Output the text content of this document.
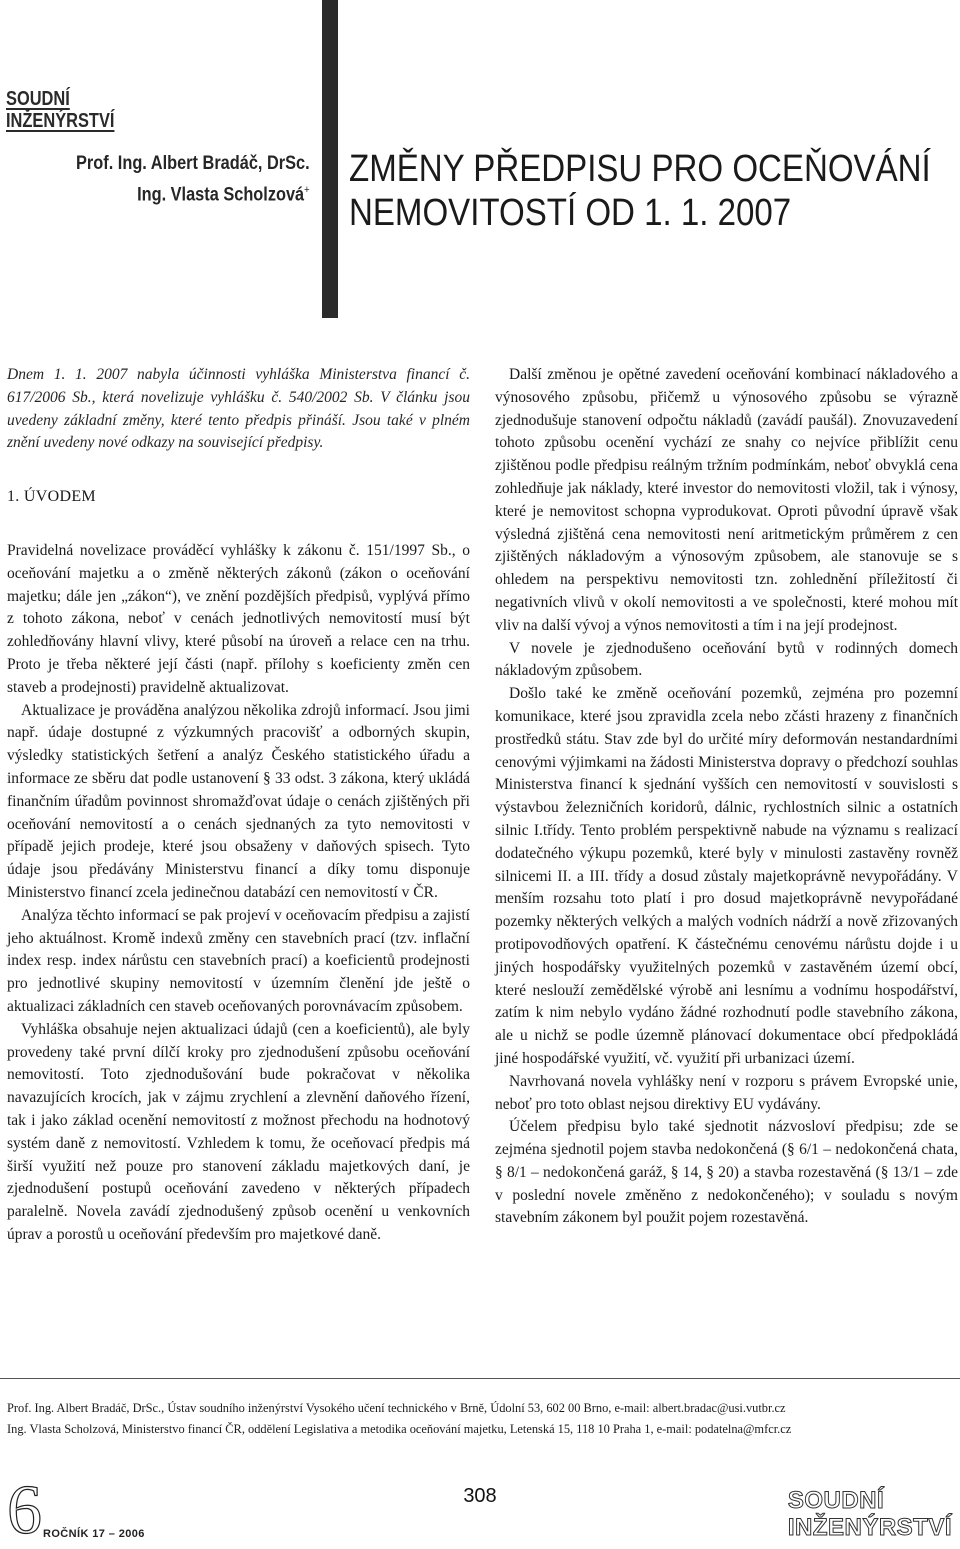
SOUDNÍ
INŽENÝRSTVÍ
Prof. Ing. Albert Bradáč, DrSc.
Ing. Vlasta Scholzová+ ZMĚNY PŘEDPISU PRO OCEŇOVÁNÍ
NEMOVITOSTÍ OD 1. 1. 2007

Dnem 1. 1. 2007 nabyla účinnosti vyhláška Ministerstva financí č. 617/2006 Sb., která novelizuje vyhlášku č. 540/2002 Sb. V článku jsou uvedeny základní změny, které tento předpis přináší. Jsou také v plném znění uvedeny nové odkazy na související předpisy.

1. ÚVODEM

Pravidelná novelizace prováděcí vyhlášky k zákonu č. 151/1997 Sb., o oceňování majetku a o změně některých zákonů (zákon o oceňování majetku; dále jen „zákon“), ve znění pozdějších předpisů, vyplývá přímo z tohoto zákona, neboť v cenách jednotlivých nemovitostí musí být zohledňovány hlavní vlivy, které působí na úroveň a relace cen na trhu. Proto je třeba některé její části (např. přílohy s koeficienty změn cen staveb a prodejnosti) pravidelně aktualizovat.

Aktualizace je prováděna analýzou několika zdrojů informací. Jsou jimi např. údaje dostupné z výzkumných pracovišť a odborných skupin, výsledky statistických šetření a analýz Českého statistického úřadu a informace ze sběru dat podle ustanovení § 33 odst. 3 zákona, který ukládá finančním úřadům povinnost shromažďovat údaje o cenách zjištěných při oceňování nemovitostí a o cenách sjednaných za tyto nemovitosti v případě jejich prodeje, které jsou obsaženy v daňových spisech. Tyto údaje jsou předávány Ministerstvu financí a díky tomu disponuje Ministerstvo financí zcela jedinečnou databází cen nemovitostí v ČR.

Analýza těchto informací se pak projeví v oceňovacím předpisu a zajistí jeho aktuálnost. Kromě indexů změny cen stavebních prací (tzv. inflační index resp. index nárůstu cen stavebních prací) a koeficientů prodejnosti pro jednotlivé skupiny nemovitostí v územním členění jde ještě o aktualizaci základních cen staveb oceňovaných porovnávacím způsobem.

Vyhláška obsahuje nejen aktualizaci údajů (cen a koeficientů), ale byly provedeny také první dílčí kroky pro zjednodušení způsobu oceňování nemovitostí. Toto zjednodušování bude pokračovat v několika navazujících krocích, jak v zájmu zrychlení a zlevnění daňového řízení, tak i jako základ ocenění nemovitostí z možnost přechodu na hodnotový systém daně z nemovitostí. Vzhledem k tomu, že oceňovací předpis má širší využití než pouze pro stanovení základu majetkových daní, je zjednodušení postupů oceňování zavedeno v některých případech paralelně. Novela zavádí zjednodušený způsob ocenění u venkovních úprav a porostů u oceňování především pro majetkové daně.

Další změnou je opětné zavedení oceňování kombinací nákladového a výnosového způsobu, přičemž u výnosového způsobu se výrazně zjednodušuje stanovení odpočtu nákladů (zavádí paušál). Znovuzavedení tohoto způsobu ocenění vychází ze snahy co nejvíce přiblížit cenu zjištěnou podle předpisu reálným tržním podmínkám, neboť obvyklá cena zohledňuje jak náklady, které investor do nemovitosti vložil, tak i výnosy, které je nemovitost schopna vyprodukovat. Oproti původní úpravě však výsledná zjištěná cena nemovitosti není aritmetickým průměrem z cen zjištěných nákladovým a výnosovým způsobem, ale stanovuje se s ohledem na perspektivu nemovitosti tzn. zohlednění příležitostí či negativních vlivů v okolí nemovitosti a ve společnosti, které mohou mít vliv na další vývoj a výnos nemovitosti a tím i na její prodejnost.

V novele je zjednodušeno oceňování bytů v rodinných domech nákladovým způsobem.

Došlo také ke změně oceňování pozemků, zejména pro pozemní komunikace, které jsou zpravidla zcela nebo zčásti hrazeny z finančních prostředků státu. Stav zde byl do určité míry deformován nestandardními cenovými výjimkami na žádosti Ministerstva dopravy o předchozí souhlas Ministerstva financí k sjednání vyšších cen nemovitostí v souvislosti s výstavbou železničních koridorů, dálnic, rychlostních silnic a ostatních silnic I.třídy. Tento problém perspektivně nabude na významu s realizací dodatečného výkupu pozemků, které byly v minulosti zastavěny rovněž silnicemi II. a III. třídy a dosud zůstaly majetkoprávně nevypořádány. V menším rozsahu toto platí i pro dosud majetkoprávně nevypořádané pozemky některých velkých a malých vodních nádrží a nově zřizovaných protipovodňových opatření. K částečnému cenovému nárůstu dojde i u jiných hospodářsky využitelných pozemků v zastavěném území obcí, které neslouží zemědělské výrobě ani lesnímu a vodnímu hospodářství, zatím k nim nebylo vydáno žádné rozhodnutí podle stavebního zákona, ale u nichž se podle územně plánovací dokumentace obcí předpokládá jiné hospodářské využití, vč. využití při urbanizaci území.

Navrhovaná novela vyhlášky není v rozporu s právem Evropské unie, neboť pro toto oblast nejsou direktivy EU vydávány.

Účelem předpisu bylo také sjednotit názvosloví předpisu; zde se zejména sjednotil pojem stavba nedokončená (§ 6/1 – nedokončená chata, § 8/1 – nedokončená garáž, § 14, § 20) a stavba rozestavěná (§ 13/1 – zde v poslední novele změněno z nedokončeného); v souladu s novým stavebním zákonem byl použit pojem rozestavěná.

Prof. Ing. Albert Bradáč, DrSc., Ústav soudního inženýrství Vysokého učení technického v Brně, Údolní 53, 602 00 Brno, e-mail: albert.bradac@usi.vutbr.cz
Ing. Vlasta Scholzová, Ministerstvo financí ČR, oddělení Legislativa a metodika oceňování majetku, Letenská 15, 118 10 Praha 1, e-mail: podatelna@mfcr.cz
6 ROČNÍK 17 – 2006
308	SOUDNÍ
INŽENÝRSTVÍ
